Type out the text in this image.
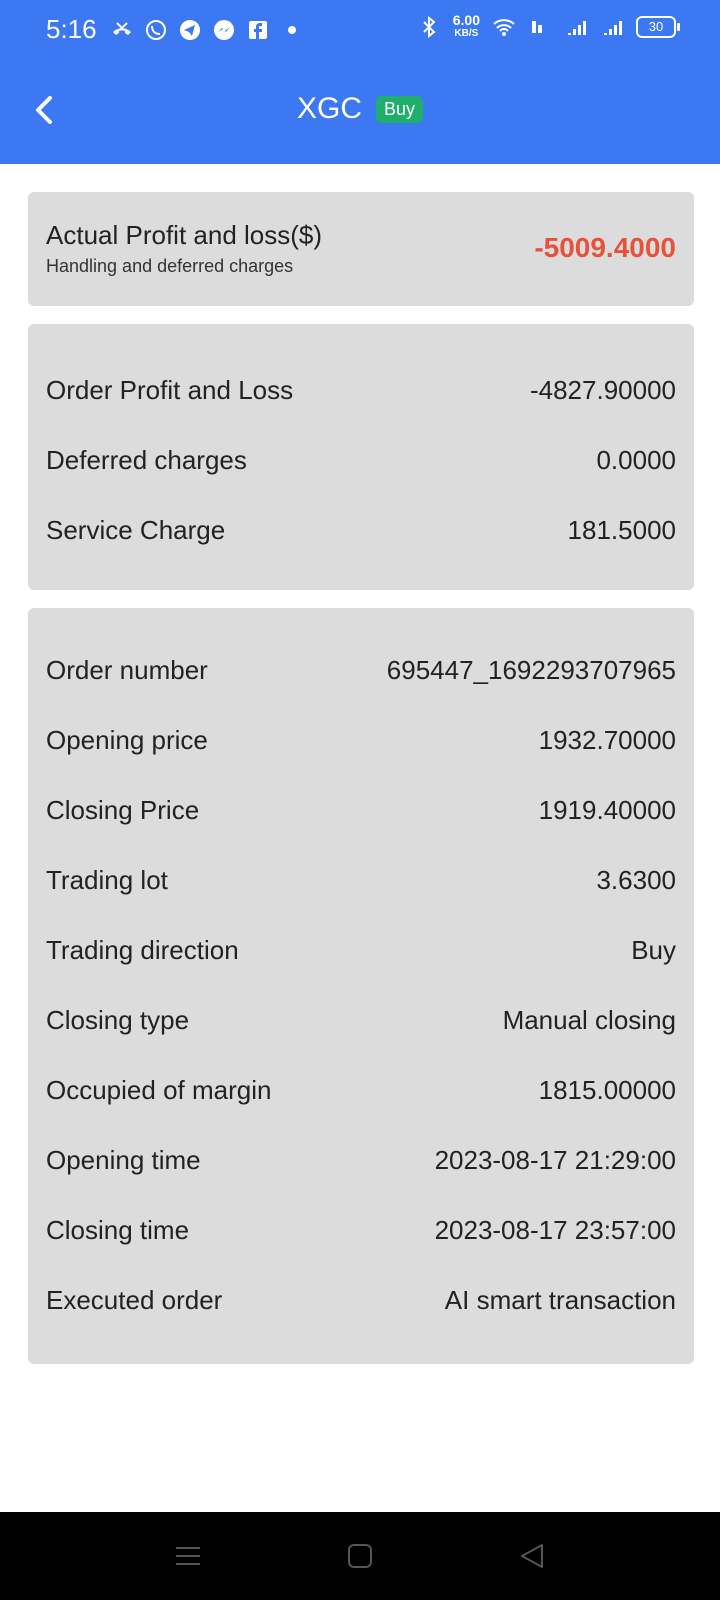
5:16	6.00
KB/S	30
XGC	Buy
Actual Profit and loss($)
Handling and deferred charges
-5009.4000
Order Profit and Loss	-4827.90000
Deferred charges	0.0000
Service Charge	181.5000
Order number	695447_1692293707965
Opening price	1932.70000
Closing Price	1919.40000
Trading lot	3.6300
Trading direction	Buy
Closing type	Manual closing
Occupied of margin	1815.00000
Opening time	2023-08-17 21:29:00
Closing time	2023-08-17 23:57:00
Executed order	AI smart transaction
